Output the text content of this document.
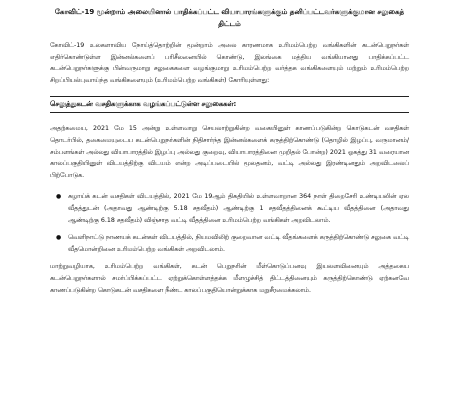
கோவிட்-19 மூன்றாம் அலையினால் பாதிக்கப்பட்ட வியாபாரங்களுக்கும் தனிப்பட்டவர்களுக்குமான சலுகைத் திட்டம்
கோவிட்-19 உலகளாவிய நோய்த்தொற்றின் மூன்றாம் அலை காரணமாக உரிமம்பெற்ற வங்கிகளின் கடன்பெறுநர்கள் எதிர்கொண்டுள்ள இன்னல்களைப் பரிசீலனையில் கொண்டு, இலங்கை மத்திய வங்கியானது பாதிக்கப்பட்ட கடன்பெறுநர்களுக்கு பின்வருமாறு சலுகைகளை வழங்குமாறு உரிமம்பெற்ற வர்த்தக வங்கிகளையும் மற்றும் உரிமம்பெற்ற சிறப்பியல்புவாய்ந்த வங்கிகளையும் (உரிமம்பெற்ற வங்கிகள்) கோரியுள்ளது:
செலுத்துகடன் வசதிகளுக்காக வழங்கப்பட்டுள்ள சலுகைகள்:
அதற்கமைய, 2021 மே 15 அன்று உள்ளவாறு செயலாற்றுகின்ற வகையினுள் காணப்படுகின்ற கொடுகடன் வசதிகள் தொடர்பில், தகைமையுடைய கடன்பெறுநர்களின் நிதிசார்ந்த இன்னல்களைக் கருத்திற்கொண்டு (தொழில் இழப்பு, வருமானம்/ சம்பளங்கள் அல்லது வியாபாரத்தில் இழப்பு அல்லது குறைவு, வியாபாரத்தினை முறிதல் போன்ற) 2021 ஓகத்து 31 வரையான காலப்பகுதியினுள் விடயத்திற்கு விடயம் என்ற அடிப்படையில் மூலதனம், வட்டி அல்லது இரண்டினதும் அறவிடலைப் பிற்போடுக.
● சுழாய்க் கடன் வசதிகள் விடயத்தில், 2021 மே 19ஆம் திகதியில் உள்ளவாறான 364 நாள் திறைசேரி உண்டியலின் ஏல வீதத்துடன் (அதாவது ஆண்டிற்கு 5.18 சதவீதம்) ஆண்டிற்கு 1 சதவீதத்தினைக் கூட்டிய வீதத்தினை (அதாவது ஆண்டிற்கு 6.18 சதவீதம்) விஞ்சாத வட்டி வீதத்தினை உரிமம்பெற்ற வங்கிகள் அறவிடலாம்.
● வெளிநாட்டு நாணயக் கடன்கள் விடயத்தில், நியமவிலிற் குறைவான வட்டி வீதங்களைக் கருத்திற்கொண்டு சலுகை வட்டி வீதமொன்றினை உரிமம்பெற்ற வங்கிகள் அறவிடலாம்.
மாற்றுவழியாக, உரிமம்பெற்ற வங்கிகள், கடன் பெறுநரின் மீள்கொடுப்பனவு இயலளவினையும் அத்தகைய கடன்பெறுநர்களால் சமர்ப்பிக்கப்பட்ட ஏற்றுக்கொள்ளத்தக்க மீளழுச்சித் திட்டத்தினையும் கருத்திற்கொண்டு ஏற்கனவே காணப்படுகின்ற கொடுகடன் வசதிகளை நீண்ட காலப்பகுதியொன்றுக்காக மறுசீரமைக்கலாம்.
